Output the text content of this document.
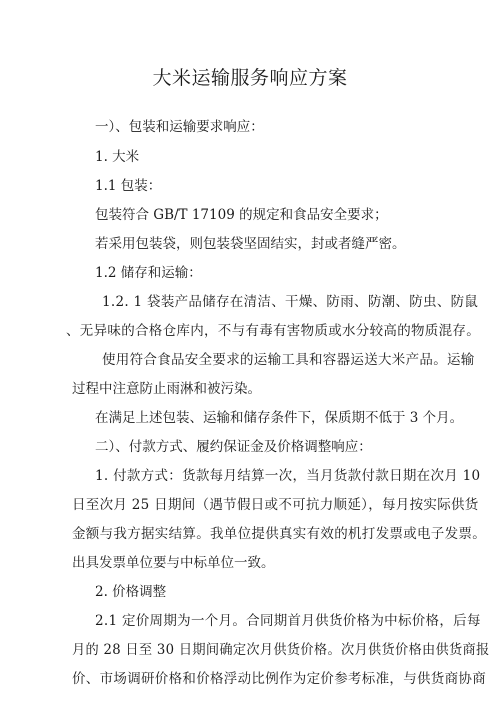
大米运输服务响应方案
一）、包装和运输要求响应：
1. 大米
1.1 包装：
包装符合 GB/T 17109 的规定和食品安全要求；
若采用包装袋，则包装袋坚固结实，封或者缝严密。
1.2 储存和运输：
1.2. 1 袋装产品储存在清洁、干燥、防雨、防潮、防虫、防鼠
、无异味的合格仓库内，不与有毒有害物质或水分较高的物质混存。
使用符合食品安全要求的运输工具和容器运送大米产品。运输
过程中注意防止雨淋和被污染。
在满足上述包装、运输和储存条件下，保质期不低于 3 个月。
二）、付款方式、履约保证金及价格调整响应：
1. 付款方式：货款每月结算一次，当月货款付款日期在次月 10
日至次月 25 日期间（遇节假日或不可抗力顺延），每月按实际供货
金额与我方据实结算。我单位提供真实有效的机打发票或电子发票。
出具发票单位要与中标单位一致。
2. 价格调整
2.1 定价周期为一个月。合同期首月供货价格为中标价格，后每
月的 28 日至 30 日期间确定次月供货价格。次月供货价格由供货商报
价、市场调研价格和价格浮动比例作为定价参考标准，与供货商协商
